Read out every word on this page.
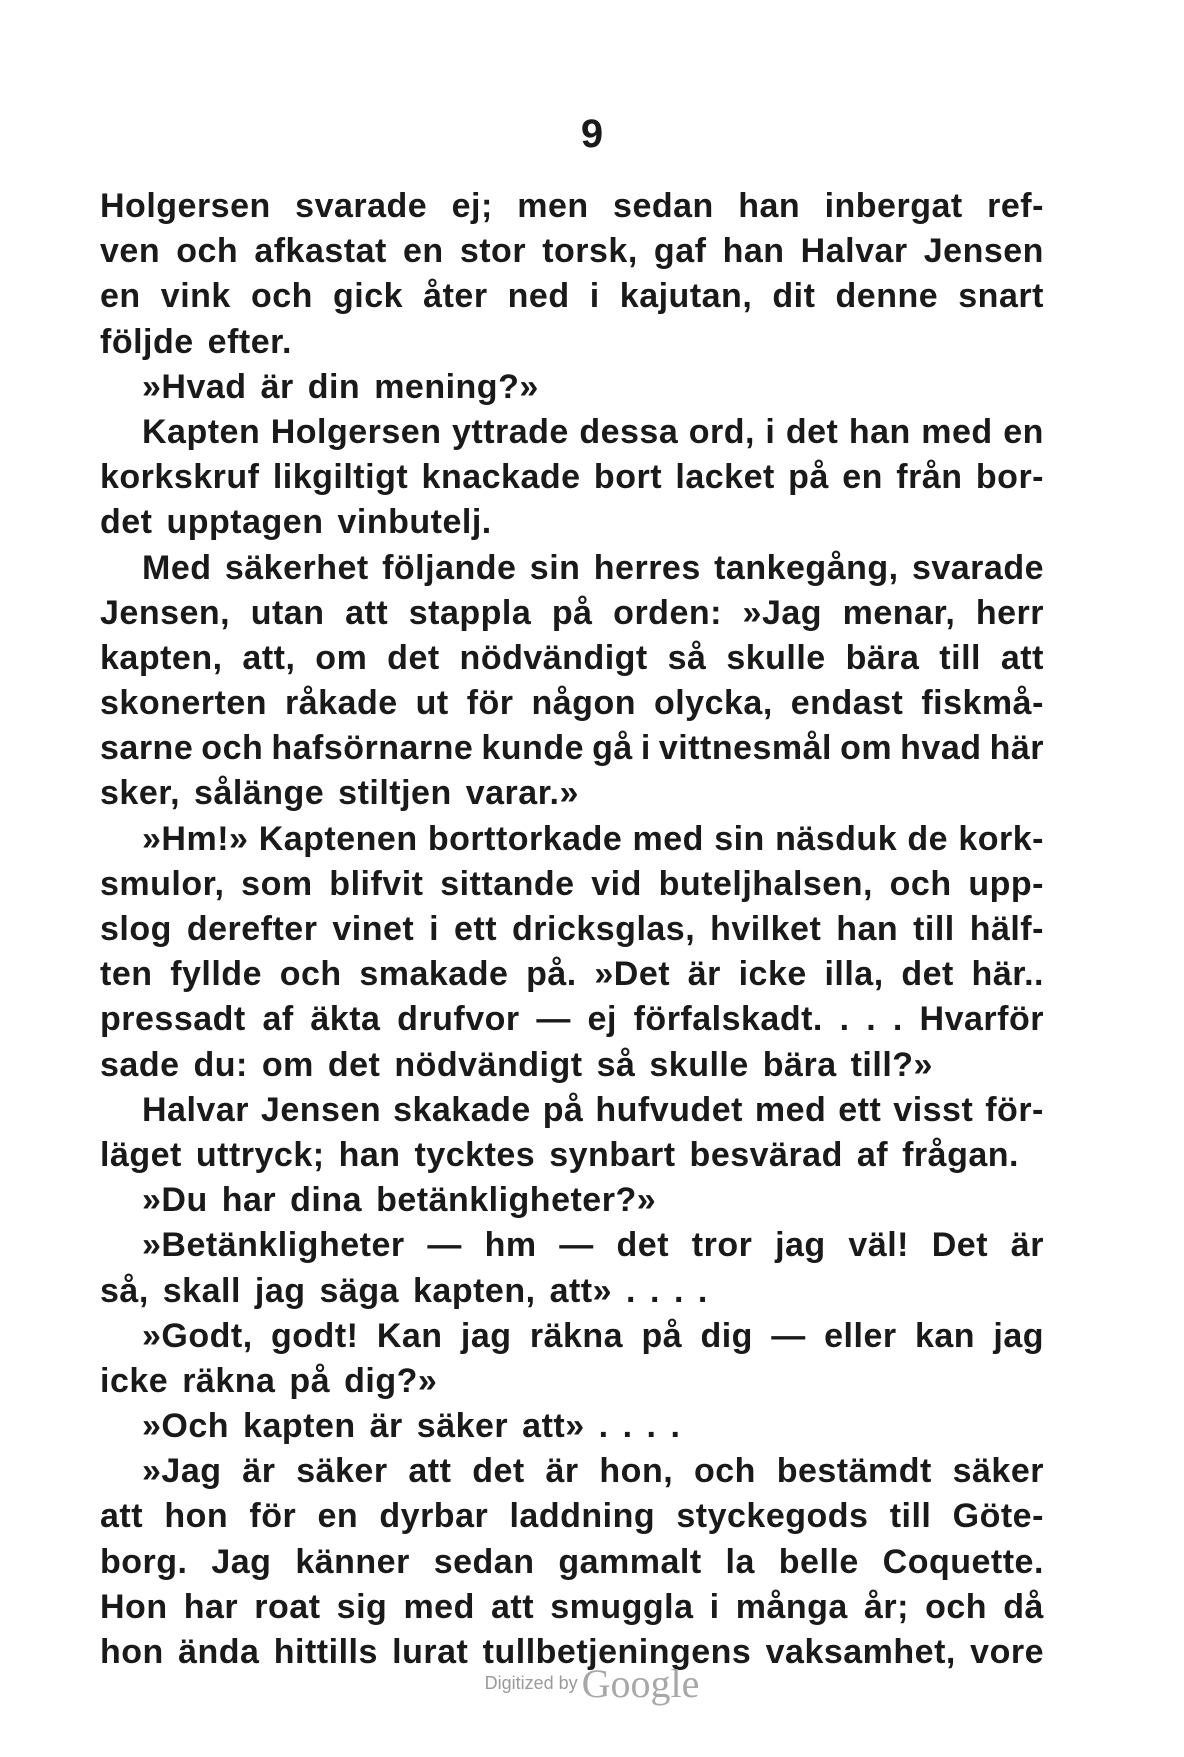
9
Holgersen svarade ej; men sedan han inbergat ref-
ven och afkastat en stor torsk, gaf han Halvar Jensen
en vink och gick åter ned i kajutan, dit denne snart
följde efter.
»Hvad är din mening?»
Kapten Holgersen yttrade dessa ord, i det han med en
korkskruf likgiltigt knackade bort lacket på en från bor-
det upptagen vinbutelj.
Med säkerhet följande sin herres tankegång, svarade
Jensen, utan att stappla på orden: »Jag menar, herr
kapten, att, om det nödvändigt så skulle bära till att
skonerten råkade ut för någon olycka, endast fiskmå-
sarne och hafsörnarne kunde gå i vittnesmål om hvad här
sker, sålänge stiltjen varar.»
»Hm!» Kaptenen borttorkade med sin näsduk de kork-
smulor, som blifvit sittande vid buteljhalsen, och upp-
slog derefter vinet i ett dricksglas, hvilket han till hälf-
ten fyllde och smakade på. »Det är icke illa, det här..
pressadt af äkta drufvor — ej förfalskadt. . . . Hvarför
sade du: om det nödvändigt så skulle bära till?»
Halvar Jensen skakade på hufvudet med ett visst för-
läget uttryck; han tycktes synbart besvärad af frågan.
»Du har dina betänkligheter?»
»Betänkligheter — hm — det tror jag väl! Det är
så, skall jag säga kapten, att» . . . .
»Godt, godt! Kan jag räkna på dig — eller kan jag
icke räkna på dig?»
»Och kapten är säker att» . . . .
»Jag är säker att det är hon, och bestämdt säker
att hon för en dyrbar laddning styckegods till Göte-
borg. Jag känner sedan gammalt la belle Coquette.
Hon har roat sig med att smuggla i många år; och då
hon ända hittills lurat tullbetjeningens vaksamhet, vore
Digitized by Google
